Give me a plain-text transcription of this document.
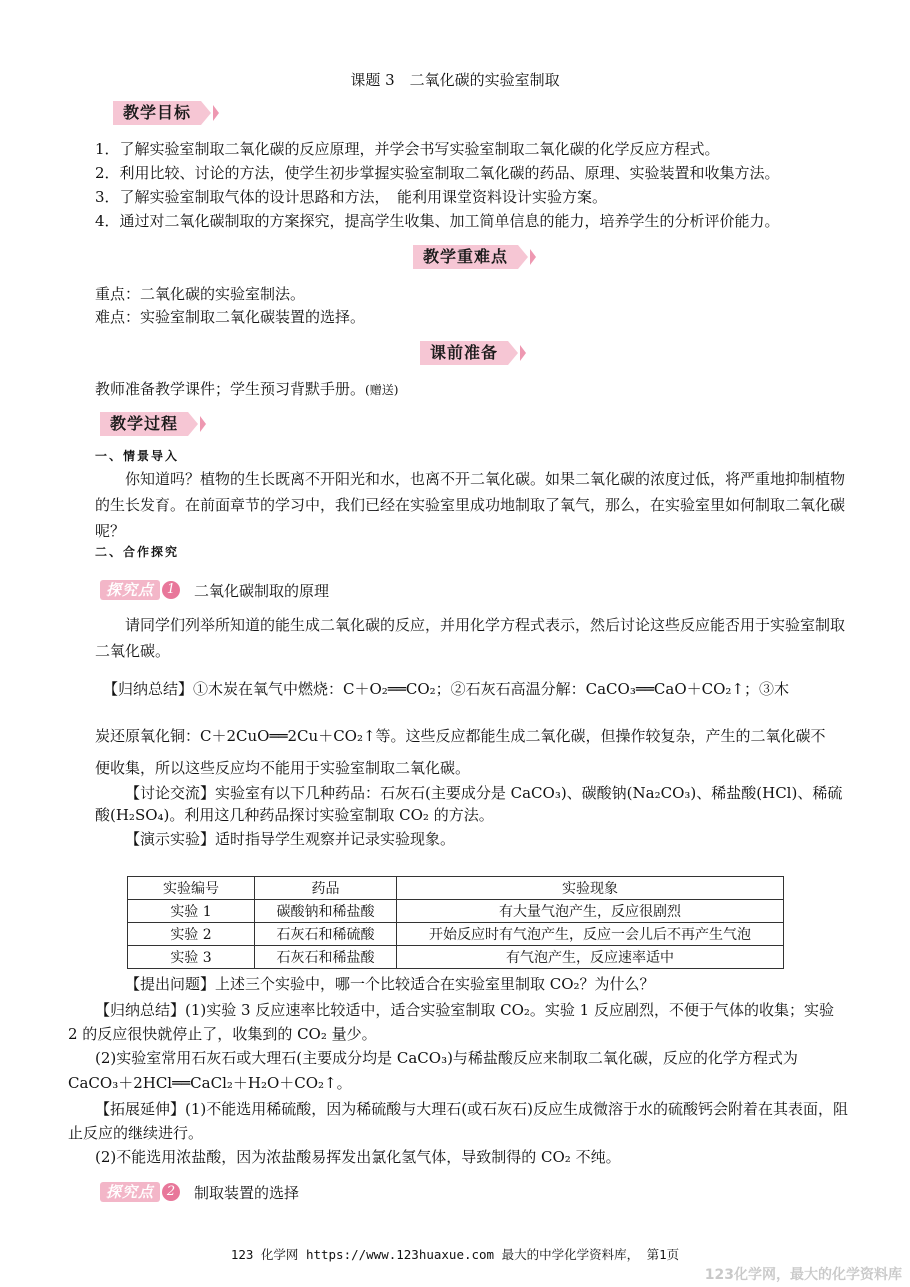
课题 3　二氧化碳的实验室制取
教学目标
1．了解实验室制取二氧化碳的反应原理，并学会书写实验室制取二氧化碳的化学反应方程式。
2．利用比较、讨论的方法，使学生初步掌握实验室制取二氧化碳的药品、原理、实验装置和收集方法。
3．了解实验室制取气体的设计思路和方法，　能利用课堂资料设计实验方案。
4．通过对二氧化碳制取的方案探究，提高学生收集、加工简单信息的能力，培养学生的分析评价能力。
教学重难点
重点：二氧化碳的实验室制法。
难点：实验室制取二氧化碳装置的选择。
课前准备
教师准备教学课件；学生预习背默手册。(赠送)
教学过程
一、情景导入
你知道吗？植物的生长既离不开阳光和水，也离不开二氧化碳。如果二氧化碳的浓度过低，将严重地抑制植物的生长发育。在前面章节的学习中，我们已经在实验室里成功地制取了氧气，那么，在实验室里如何制取二氧化碳呢？
二、合作探究
探究点 1	二氧化碳制取的原理
请同学们列举所知道的能生成二氧化碳的反应，并用化学方程式表示，然后讨论这些反应能否用于实验室制取二氧化碳。
【归纳总结】①木炭在氧气中燃烧：C＋O₂══CO₂；②石灰石高温分解：CaCO₃══CaO＋CO₂↑；③木
炭还原氧化铜：C＋2CuO══2Cu＋CO₂↑等。这些反应都能生成二氧化碳，但操作较复杂，产生的二氧化碳不
便收集，所以这些反应均不能用于实验室制取二氧化碳。
【讨论交流】实验室有以下几种药品：石灰石(主要成分是 CaCO₃)、碳酸钠(Na₂CO₃)、稀盐酸(HCl)、稀硫酸(H₂SO₄)。利用这几种药品探讨实验室制取 CO₂ 的方法。
【演示实验】适时指导学生观察并记录实验现象。
实验编号	药品	实验现象
实验 1	碳酸钠和稀盐酸	有大量气泡产生，反应很剧烈
实验 2	石灰石和稀硫酸	开始反应时有气泡产生，反应一会儿后不再产生气泡
实验 3	石灰石和稀盐酸	有气泡产生，反应速率适中
【提出问题】上述三个实验中，哪一个比较适合在实验室里制取 CO₂？为什么？
【归纳总结】(1)实验 3 反应速率比较适中，适合实验室制取 CO₂。实验 1 反应剧烈，不便于气体的收集；实验 2 的反应很快就停止了，收集到的 CO₂ 量少。
(2)实验室常用石灰石或大理石(主要成分均是 CaCO₃)与稀盐酸反应来制取二氧化碳，反应的化学方程式为
CaCO₃＋2HCl══CaCl₂＋H₂O＋CO₂↑。
【拓展延伸】(1)不能选用稀硫酸，因为稀硫酸与大理石(或石灰石)反应生成微溶于水的硫酸钙会附着在其表面，阻止反应的继续进行。
(2)不能选用浓盐酸，因为浓盐酸易挥发出氯化氢气体，导致制得的 CO₂ 不纯。
探究点 2	制取装置的选择
123 化学网 https://www.123huaxue.com 最大的中学化学资料库， 第1页
123化学网，最大的化学资料库
